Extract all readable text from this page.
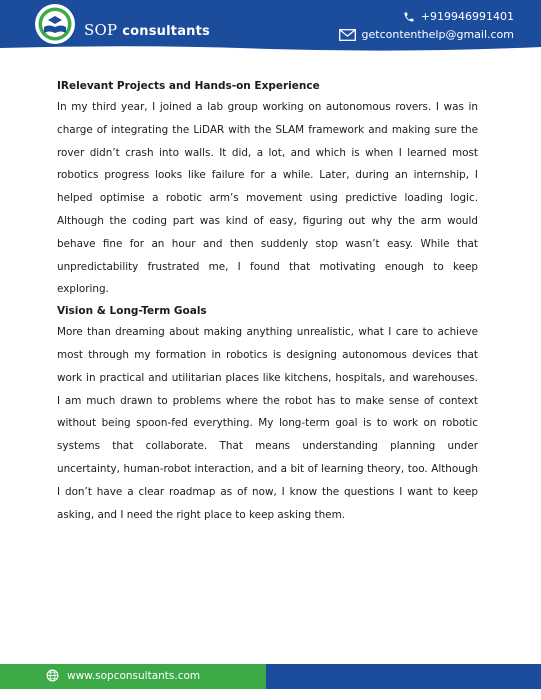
SOP consultants
+919946991401
getcontenthelp@gmail.com
IRelevant Projects and Hands-on Experience

In my third year, I joined a lab group working on autonomous rovers. I was in charge of integrating the LiDAR with the SLAM framework and making sure the rover didn’t crash into walls. It did, a lot, and which is when I learned most robotics progress looks like failure for a while. Later, during an internship, I helped optimise a robotic arm’s movement using predictive loading logic. Although the coding part was kind of easy, figuring out why the arm would behave fine for an hour and then suddenly stop wasn’t easy. While that unpredictability frustrated me, I found that motivating enough to keep exploring.

Vision & Long-Term Goals

More than dreaming about making anything unrealistic, what I care to achieve most through my formation in robotics is designing autonomous devices that work in practical and utilitarian places like kitchens, hospitals, and warehouses. I am much drawn to problems where the robot has to make sense of context without being spoon-fed everything. My long-term goal is to work on robotic systems that collaborate. That means understanding planning under uncertainty, human-robot interaction, and a bit of learning theory, too. Although I don’t have a clear roadmap as of now, I know the questions I want to keep asking, and I need the right place to keep asking them.

www.sopconsultants.com
